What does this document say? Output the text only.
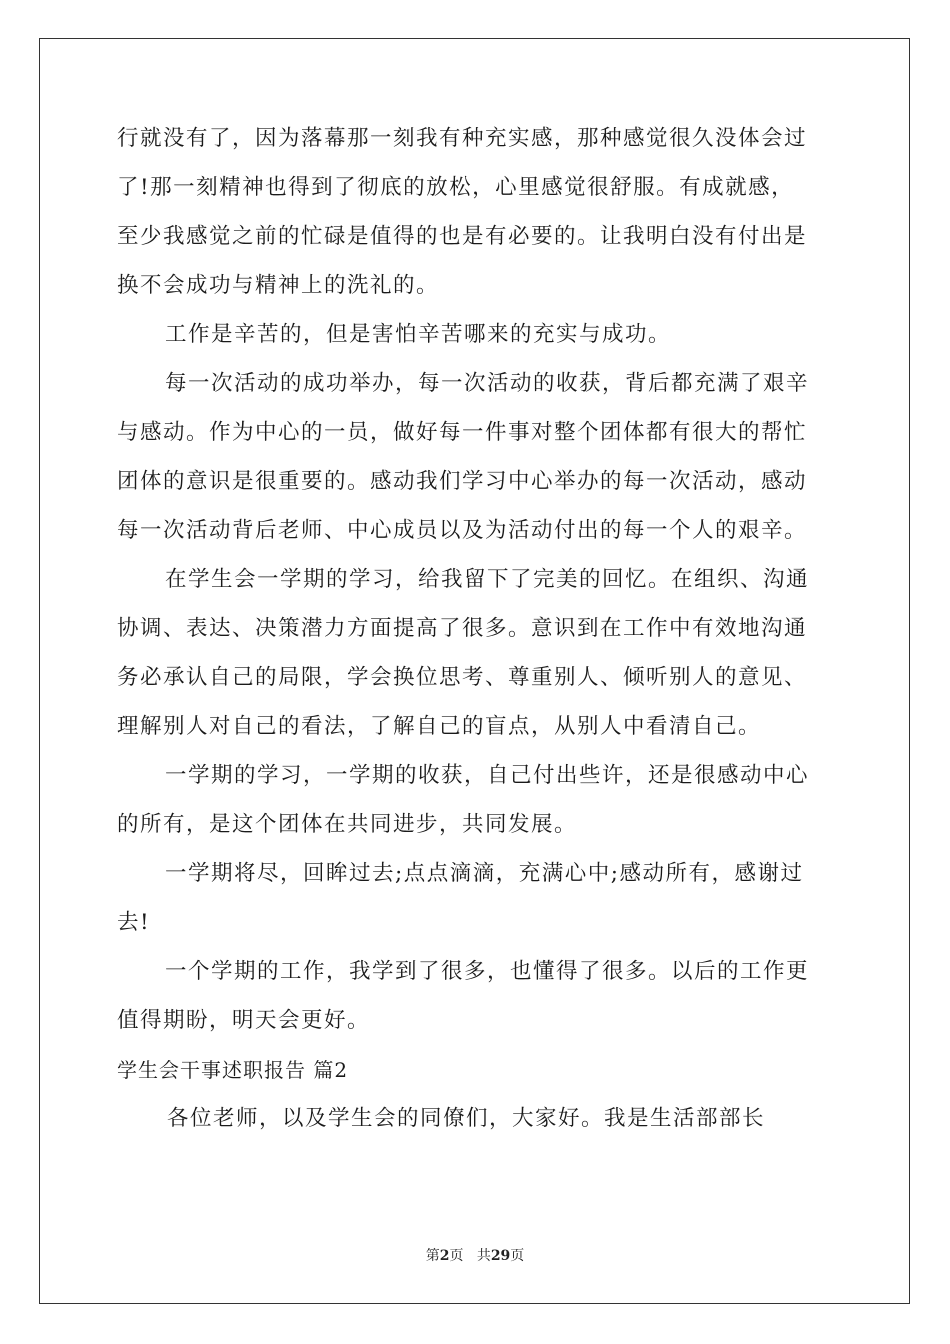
行就没有了，因为落幕那一刻我有种充实感，那种感觉很久没体会过
了!那一刻精神也得到了彻底的放松，心里感觉很舒服。有成就感，
至少我感觉之前的忙碌是值得的也是有必要的。让我明白没有付出是
换不会成功与精神上的洗礼的。
工作是辛苦的，但是害怕辛苦哪来的充实与成功。
每一次活动的成功举办，每一次活动的收获，背后都充满了艰辛
与感动。作为中心的一员，做好每一件事对整个团体都有很大的帮忙
团体的意识是很重要的。感动我们学习中心举办的每一次活动，感动
每一次活动背后老师、中心成员以及为活动付出的每一个人的艰辛。
在学生会一学期的学习，给我留下了完美的回忆。在组织、沟通
协调、表达、决策潜力方面提高了很多。意识到在工作中有效地沟通
务必承认自己的局限，学会换位思考、尊重别人、倾听别人的意见、
理解别人对自己的看法，了解自己的盲点，从别人中看清自己。
一学期的学习，一学期的收获，自己付出些许，还是很感动中心
的所有，是这个团体在共同进步，共同发展。
一学期将尽，回眸过去;点点滴滴，充满心中;感动所有，感谢过
去!
一个学期的工作，我学到了很多，也懂得了很多。以后的工作更
值得期盼，明天会更好。
学生会干事述职报告 篇2
各位老师，以及学生会的同僚们，大家好。我是生活部部长
第2页 共29页
